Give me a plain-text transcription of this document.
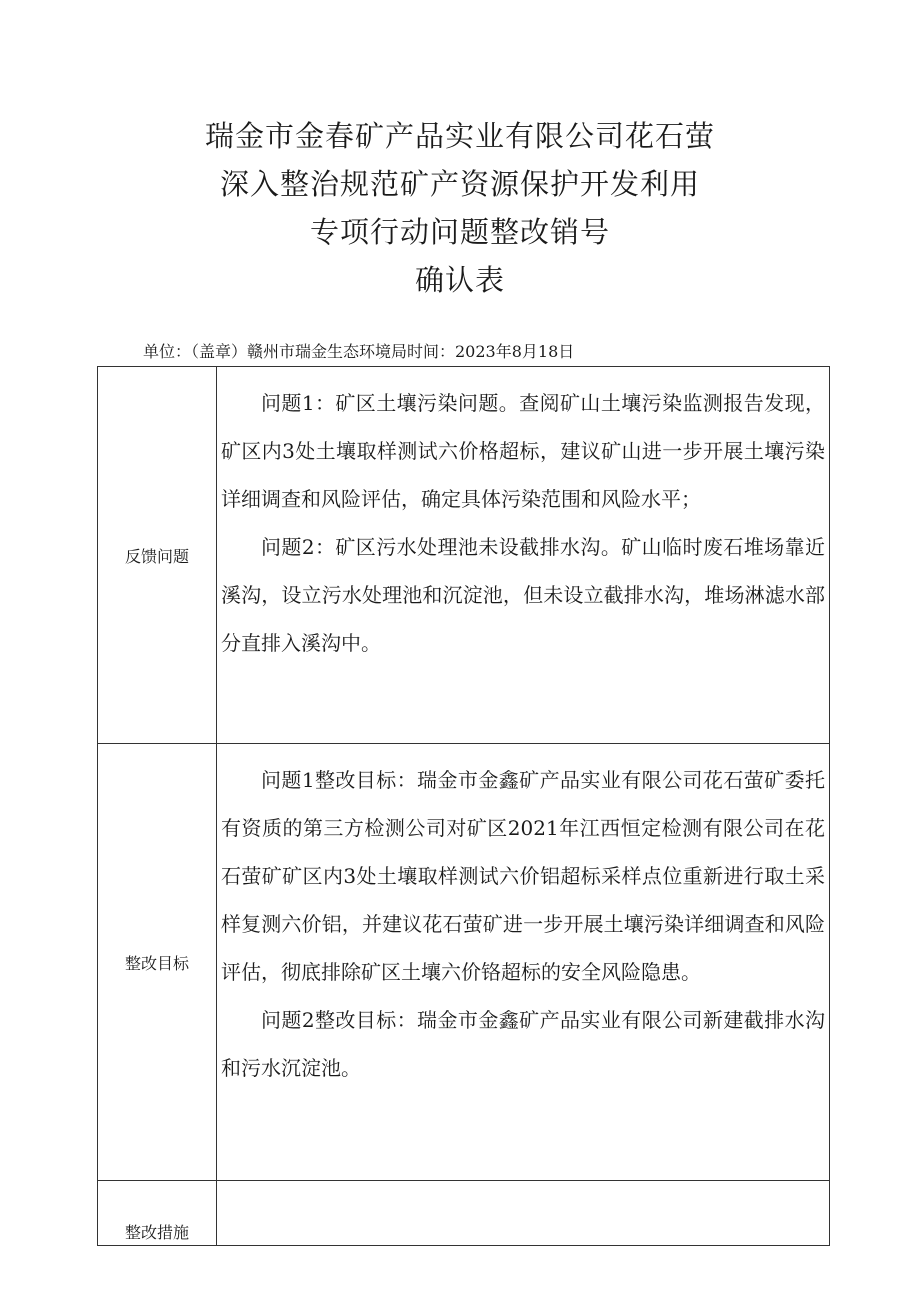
瑞金市金春矿产品实业有限公司花石萤
深入整治规范矿产资源保护开发利用
专项行动问题整改销号
确认表
单位：（盖章）赣州市瑞金生态环境局时间：2023年8月18日
反馈问题	问题1：矿区土壤污染问题。查阅矿山土壤污染监测报告发现，矿区内3处土壤取样测试六价格超标，建议矿山进一步开展土壤污染详细调查和风险评估，确定具体污染范围和风险水平；

问题2：矿区污水处理池未设截排水沟。矿山临时废石堆场靠近溪沟，设立污水处理池和沉淀池，但未设立截排水沟，堆场淋滤水部分直排入溪沟中。

整改目标	问题1整改目标：瑞金市金鑫矿产品实业有限公司花石萤矿委托有资质的第三方检测公司对矿区2021年江西恒定检测有限公司在花石萤矿矿区内3处土壤取样测试六价铝超标采样点位重新进行取土采样复测六价铝，并建议花石萤矿进一步开展土壤污染详细调查和风险评估，彻底排除矿区土壤六价铬超标的安全风险隐患。

问题2整改目标：瑞金市金鑫矿产品实业有限公司新建截排水沟和污水沉淀池。

整改措施	
